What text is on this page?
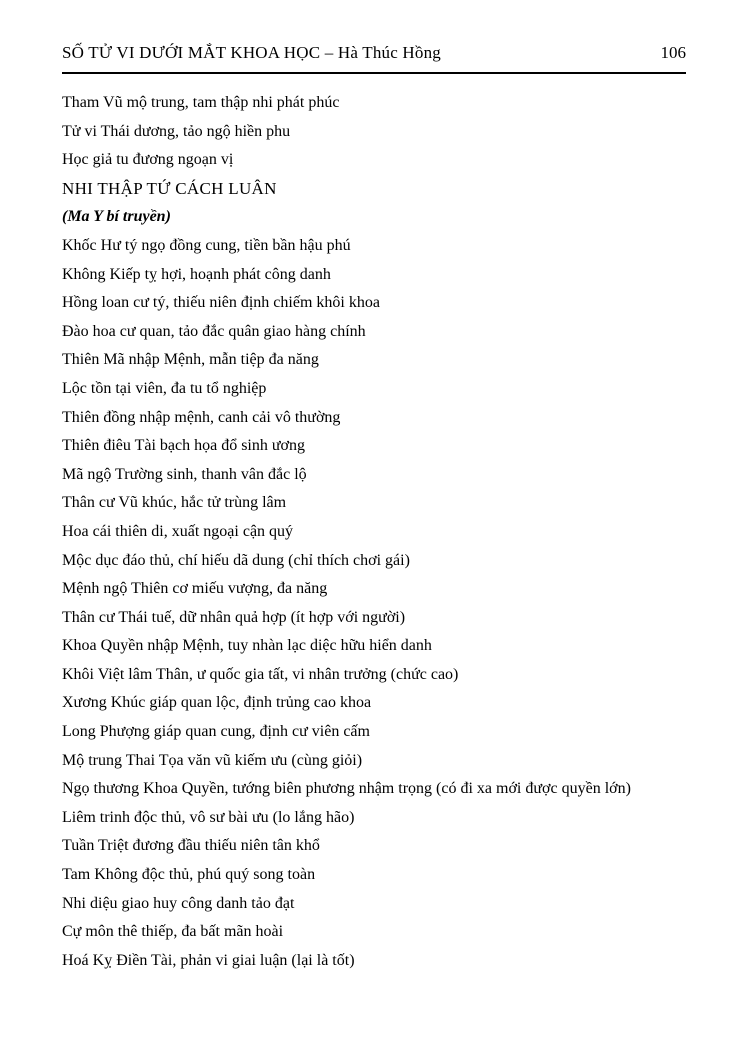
SỐ TỬ VI DƯỚI MẮT KHOA HỌC – Hà Thúc Hồng	106

Tham Vũ mộ trung, tam thập nhi phát phúc

Tử vi Thái dương, tảo ngộ hiền phu

Học giả tu đương ngoạn vị

NHI THẬP TỨ CÁCH LUÂN

(Ma Y bí truyền)

Khốc Hư tý ngọ đồng cung, tiền bần hậu phú

Không Kiếp tỵ hợi, hoạnh phát công danh

Hồng loan cư tý, thiếu niên định chiếm khôi khoa

Đào hoa cư quan, tảo đắc quân giao hàng chính

Thiên Mã nhập Mệnh, mẫn tiệp đa năng

Lộc tồn tại viên, đa tu tổ nghiệp

Thiên đồng nhập mệnh, canh cải vô thường

Thiên điêu Tài bạch họa đổ sinh ương

Mã ngộ Trường sinh, thanh vân đắc lộ

Thân cư Vũ khúc, hắc tử trùng lâm

Hoa cái thiên di, xuất ngoại cận quý

Mộc dục đáo thủ, chí hiếu dã dung (chỉ thích chơi gái)

Mệnh ngộ Thiên cơ miếu vượng, đa năng

Thân cư Thái tuế, dữ nhân quả hợp (ít hợp với người)

Khoa Quyền nhập Mệnh, tuy nhàn lạc diệc hữu hiển danh

Khôi Việt lâm Thân, ư quốc gia tất, vi nhân trưởng (chức cao)

Xương Khúc giáp quan lộc, định trủng cao khoa

Long Phượng giáp quan cung, định cư viên cấm

Mộ trung Thai Tọa văn vũ kiếm ưu (cùng giỏi)

Ngọ thương Khoa Quyền, tướng biên phương nhậm trọng (có đi xa mới được quyền lớn)

Liêm trinh độc thủ, vô sư bài ưu (lo lắng hão)

Tuần Triệt đương đầu thiếu niên tân khổ

Tam Không độc thủ, phú quý song toàn

Nhi diệu giao huy công danh tảo đạt

Cự môn thê thiếp, đa bất mãn hoài

Hoá Kỵ Điền Tài, phản vi giai luận (lại là tốt)
